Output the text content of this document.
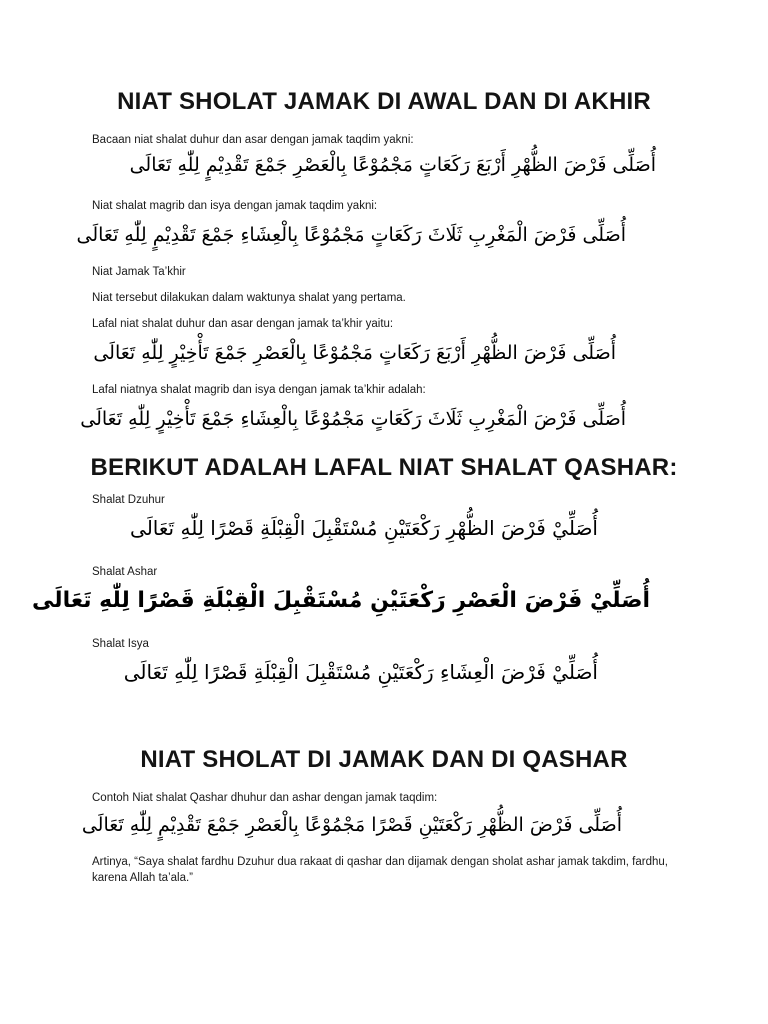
NIAT SHOLAT JAMAK DI AWAL DAN DI AKHIR
Bacaan niat shalat duhur dan asar dengan jamak taqdim yakni:
أُصَلِّى فَرْضَ الظُّهْرِ أَرْبَعَ رَكَعَاتٍ مَجْمُوْعًا بِالْعَصْرِ جَمْعَ تَقْدِيْمٍ لِلّٰهِ تَعَالَى
Niat shalat magrib dan isya dengan jamak taqdim yakni:
أُصَلِّى فَرْضَ الْمَغْرِبِ ثَلَاثَ رَكَعَاتٍ مَجْمُوْعًا بِالْعِشَاءِ جَمْعَ تَقْدِيْمٍ لِلّٰهِ تَعَالَى
Niat Jamak Ta’khir
Niat tersebut dilakukan dalam waktunya shalat yang pertama.
Lafal niat shalat duhur dan asar dengan jamak ta’khir yaitu:
أُصَلِّى فَرْضَ الظُّهْرِ أَرْبَعَ رَكَعَاتٍ مَجْمُوْعًا بِالْعَصْرِ جَمْعَ تَأْخِيْرٍ لِلّٰهِ تَعَالَى
Lafal niatnya shalat magrib dan isya dengan jamak ta’khir adalah:
أُصَلِّى فَرْضَ الْمَغْرِبِ ثَلَاثَ رَكَعَاتٍ مَجْمُوْعًا بِالْعِشَاءِ جَمْعَ تَأْخِيْرٍ لِلّٰهِ تَعَالَى
BERIKUT ADALAH LAFAL NIAT SHALAT QASHAR:
Shalat Dzuhur
أُصَلِّيْ فَرْضَ الظُّهْرِ رَكْعَتَيْنِ مُسْتَقْبِلَ الْقِبْلَةِ قَصْرًا لِلّٰهِ تَعَالَى
Shalat Ashar
أُصَلِّيْ فَرْضَ الْعَصْرِ رَكْعَتَيْنِ مُسْتَقْبِلَ الْقِبْلَةِ قَصْرًا لِلّٰهِ تَعَالَى
Shalat Isya
أُصَلِّيْ فَرْضَ الْعِشَاءِ رَكْعَتَيْنِ مُسْتَقْبِلَ الْقِبْلَةِ قَصْرًا لِلّٰهِ تَعَالَى
NIAT SHOLAT DI JAMAK DAN DI QASHAR
Contoh Niat shalat Qashar dhuhur dan ashar dengan jamak taqdim:
أُصَلِّى فَرْضَ الظُّهْرِ رَكْعَتَيْنِ قَصْرًا مَجْمُوْعًا بِالْعَصْرِ جَمْعَ تَقْدِيْمٍ لِلّٰهِ تَعَالَى
Artinya, “Saya shalat fardhu Dzuhur dua rakaat di qashar dan dijamak dengan sholat ashar jamak takdim, fardhu, karena Allah ta’ala.”
